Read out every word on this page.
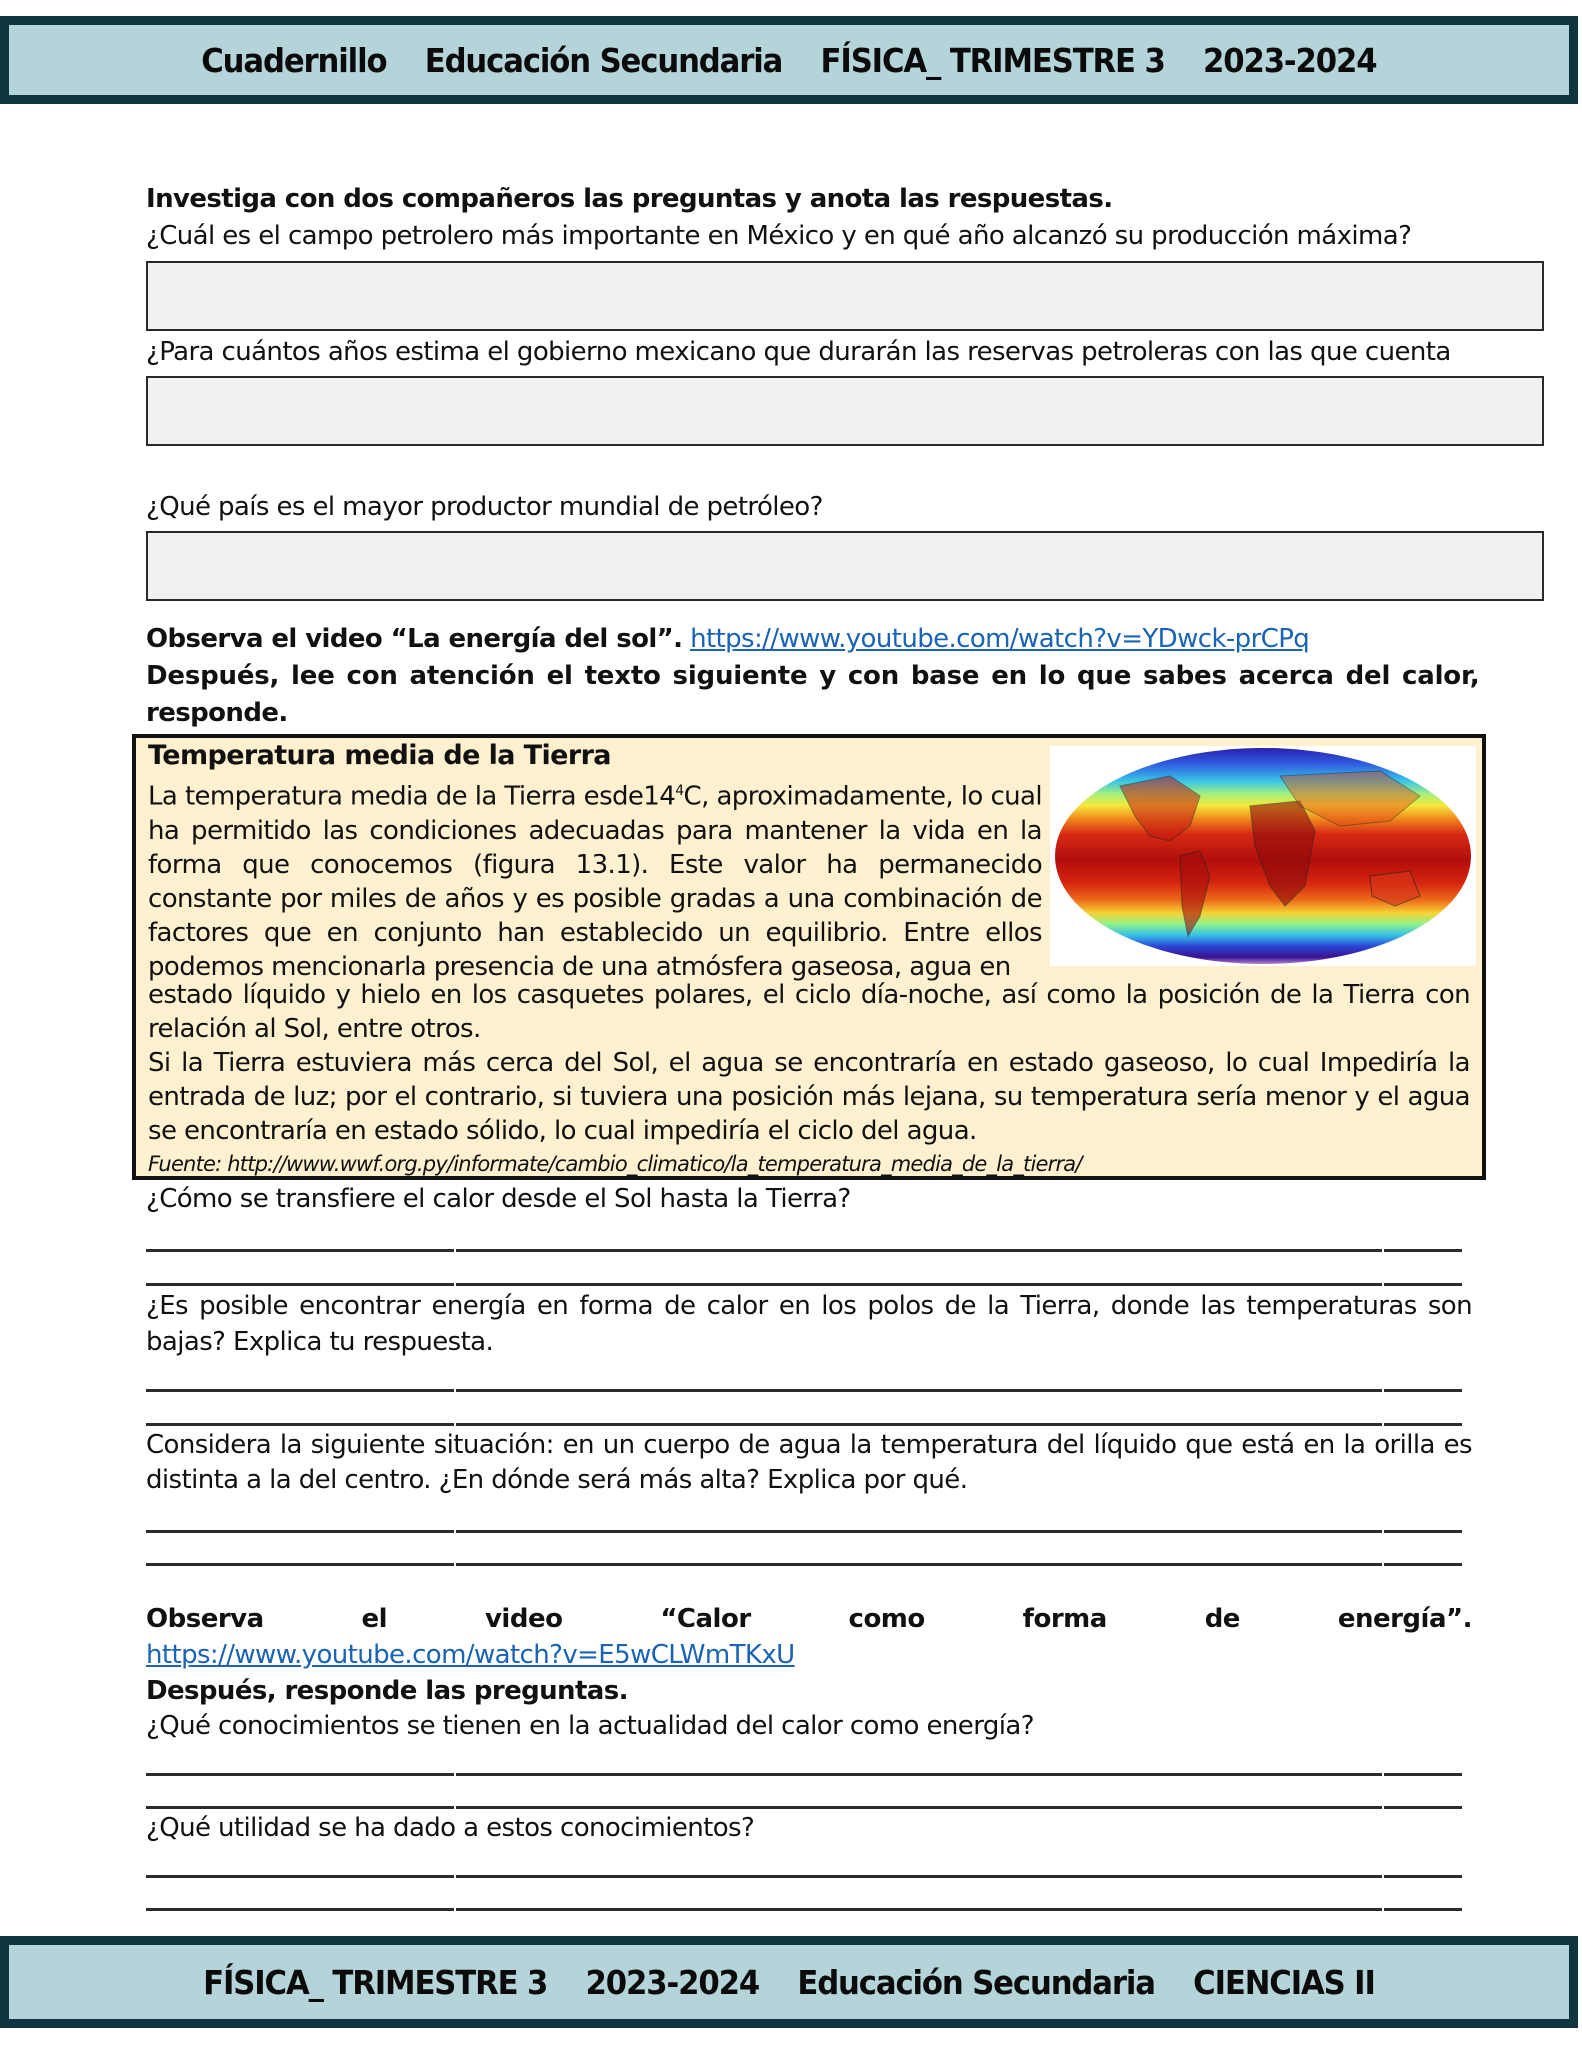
Cuadernillo    Educación Secundaria    FÍSICA_ TRIMESTRE 3    2023-2024
Investiga con dos compañeros las preguntas y anota las respuestas.
¿Cuál es el campo petrolero más importante en México y en qué año alcanzó su producción máxima?
¿Para cuántos años estima el gobierno mexicano que durarán las reservas petroleras con las que cuenta
¿Qué país es el mayor productor mundial de petróleo?
Observa el video “La energía del sol”. https://www.youtube.com/watch?v=YDwck-prCPq
Después, lee con atención el texto siguiente y con base en lo que sabes acerca del calor,
responde.
Temperatura media de la Tierra
La temperatura media de la Tierra $esde14^4C$, aproximadamente, lo cual ha permitido las condiciones adecuadas para mantener la vida en la forma que conocemos (figura 13.1). Este valor ha permanecido constante por miles de años y es posible gradas a una combinación de factores que en conjunto han establecido un equilibrio. Entre ellos podemos mencionarla presencia de una atmósfera gaseosa, agua en
estado líquido y hielo en los casquetes polares, el ciclo día-noche, así como la posición de la Tierra con relación al Sol, entre otros.
Si la Tierra estuviera más cerca del Sol, el agua se encontraría en estado gaseoso, lo cual Impediría la entrada de luz; por el contrario, si tuviera una posición más lejana, su temperatura sería menor y el agua se encontraría en estado sólido, lo cual impediría el ciclo del agua.
Fuente: http://www.wwf.org.py/informate/cambio_climatico/la_temperatura_media_de_la_tierra/
¿Cómo se transfiere el calor desde el Sol hasta la Tierra?
¿Es posible encontrar energía en forma de calor en los polos de la Tierra, donde las temperaturas son bajas? Explica tu respuesta.
Considera la siguiente situación: en un cuerpo de agua la temperatura del líquido que está en la orilla es distinta a la del centro. ¿En dónde será más alta? Explica por qué.
Observa	el	video	“Calor	como	forma	de	energía”.
https://www.youtube.com/watch?v=E5wCLWmTKxU
Después, responde las preguntas.
¿Qué conocimientos se tienen en la actualidad del calor como energía?
¿Qué utilidad se ha dado a estos conocimientos?
FÍSICA_ TRIMESTRE 3    2023-2024    Educación Secundaria    CIENCIAS II
